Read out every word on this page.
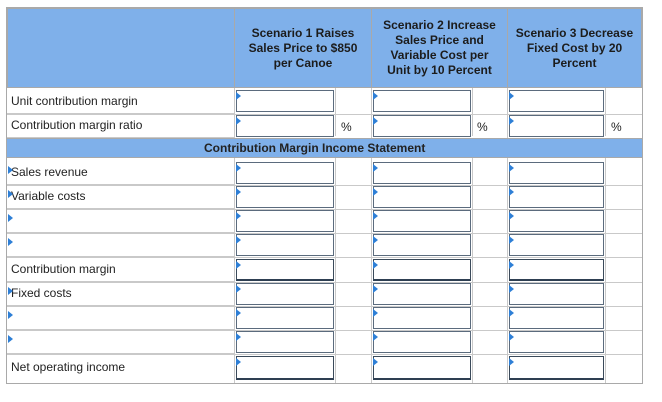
Scenario 1 Raises Sales Price to $850 per Canoe
Scenario 2 Increase Sales Price and Variable Cost per Unit by 10 Percent
Scenario 3 Decrease Fixed Cost by 20 Percent
Unit contribution margin
Contribution margin ratio	%	%	%
Contribution Margin Income Statement
Sales revenue
Variable costs
Contribution margin
Fixed costs
Net operating income
